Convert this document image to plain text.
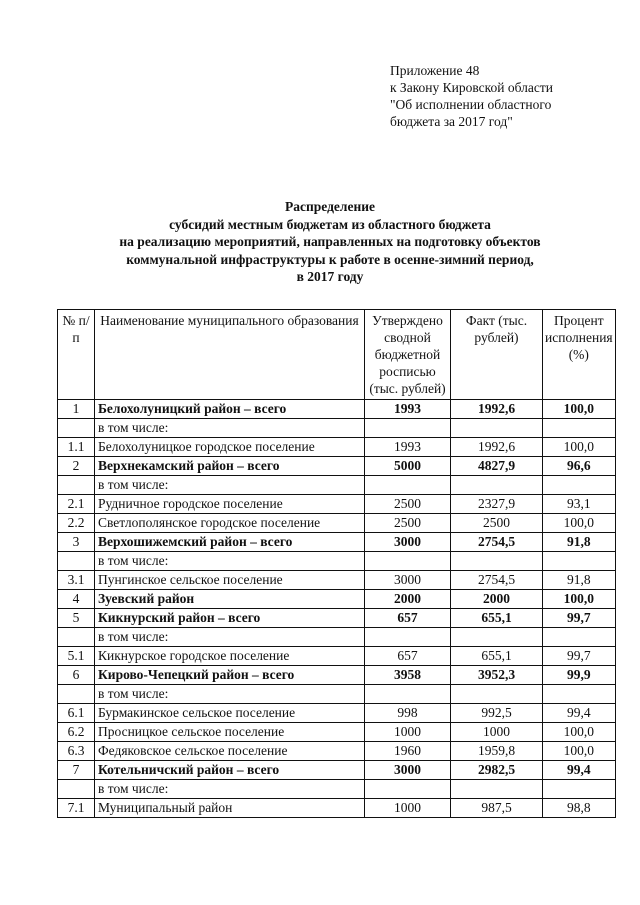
Приложение 48
к Закону Кировской области
"Об исполнении областного
бюджета за 2017 год"
Распределение
субсидий местным бюджетам из областного бюджета
на реализацию мероприятий, направленных на подготовку объектов
коммунальной инфраструктуры к работе в осенне-зимний период,
в 2017 году
№ п/п	Наименование муниципального образования	Утверждено сводной бюджетной росписью (тыс. рублей)	Факт (тыс. рублей)	Процент исполнения (%)
1	Белохолуницкий район – всего	1993	1992,6	100,0
	в том числе:			
1.1	Белохолуницкое городское поселение	1993	1992,6	100,0
2	Верхнекамский район – всего	5000	4827,9	96,6
	в том числе:			
2.1	Рудничное городское поселение	2500	2327,9	93,1
2.2	Светлополянское городское поселение	2500	2500	100,0
3	Верхошижемский район – всего	3000	2754,5	91,8
	в том числе:			
3.1	Пунгинское сельское поселение	3000	2754,5	91,8
4	Зуевский район	2000	2000	100,0
5	Кикнурский район – всего	657	655,1	99,7
	в том числе:			
5.1	Кикнурское городское поселение	657	655,1	99,7
6	Кирово-Чепецкий район – всего	3958	3952,3	99,9
	в том числе:			
6.1	Бурмакинское сельское поселение	998	992,5	99,4
6.2	Просницкое сельское поселение	1000	1000	100,0
6.3	Федяковское сельское поселение	1960	1959,8	100,0
7	Котельничский район – всего	3000	2982,5	99,4
	в том числе:			
7.1	Муниципальный район	1000	987,5	98,8
